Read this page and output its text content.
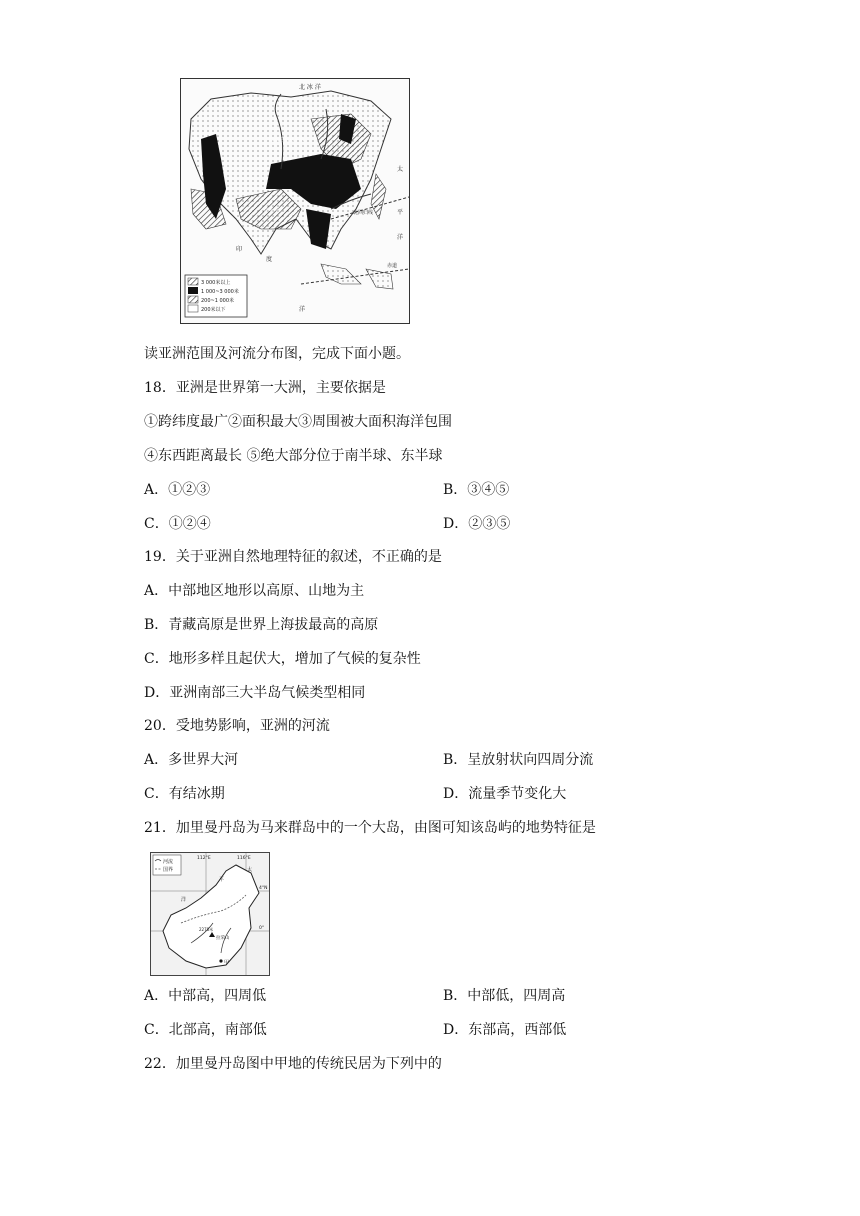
3 000米以上
1 000~3 000米
200~1 000米
200米以下
北 冰 洋
西西伯利亚平原
青藏高原
太
平
洋
印
度
洋
北回归线
赤道
读亚洲范围及河流分布图，完成下面小题。
18．亚洲是世界第一大洲，主要依据是
①跨纬度最广②面积最大③周围被大面积海洋包围
④东西距离最长 ⑤绝大部分位于南半球、东半球
A．①②③	B．③④⑤
C．①②④	D．②③⑤
19．关于亚洲自然地理特征的叙述，不正确的是
A．中部地区地形以高原、山地为主
B．青藏高原是世界上海拔最高的高原
C．地形多样且起伏大，增加了气候的复杂性
D．亚洲南部三大半岛气候类型相同
20．受地势影响，亚洲的河流
A．多世界大河	B．呈放射状向四周分流
C．有结冰期	D．流量季节变化大
21．加里曼丹岛为马来群岛中的一个大岛，由图可知该岛屿的地势特征是
河流
国界
112°E	116°E
4°N
0°
太
平
洋
2278米
拉荣山
甲
A．中部高，四周低	B．中部低，四周高
C．北部高，南部低	D．东部高，西部低
22．加里曼丹岛图中甲地的传统民居为下列中的
